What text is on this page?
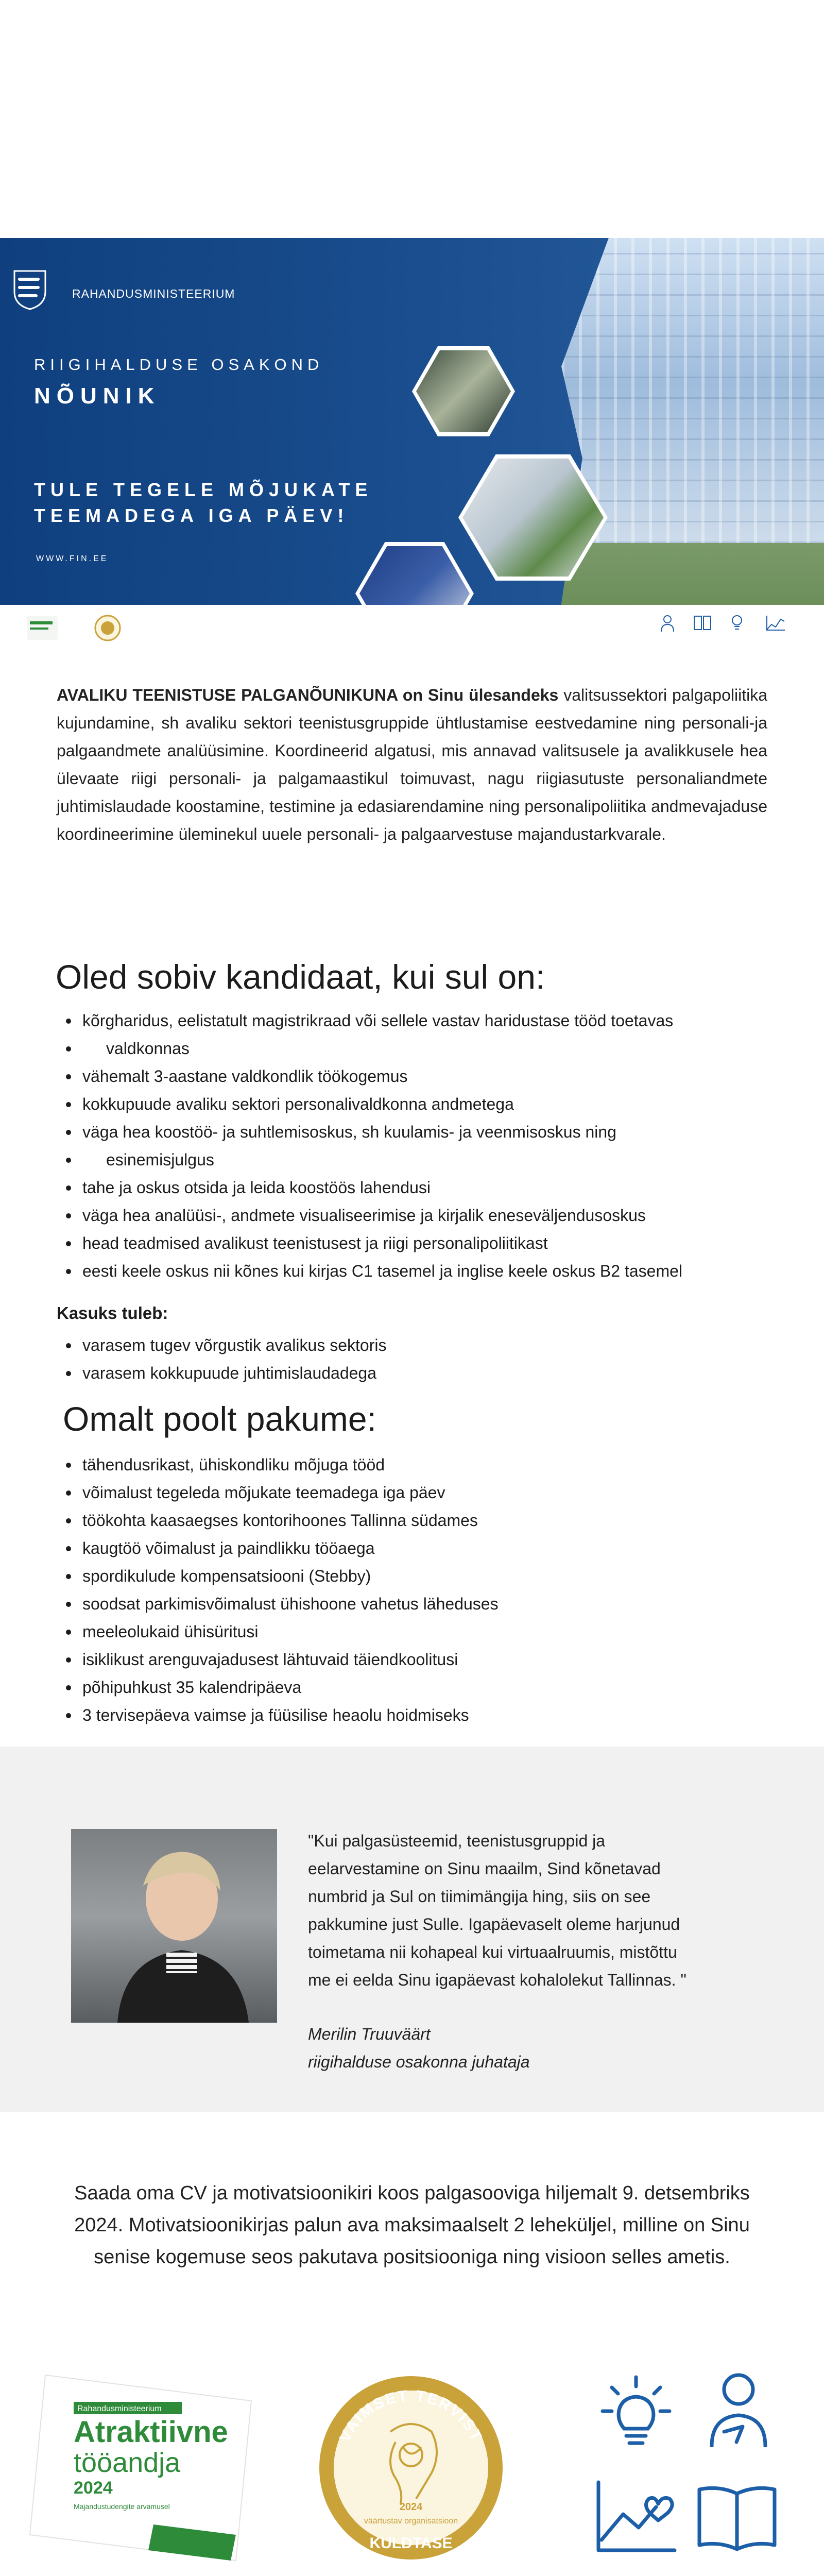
RAHANDUSMINISTEERIUM
RIIGIHALDUSE OSAKOND
NÕUNIK
TULE TEGELE MÕJUKATE
TEEMADEGA IGA PÄEV!
WWW.FIN.EE
AVALIKU TEENISTUSE PALGANÕUNIKUNA on Sinu ülesandeks valitsussektori palgapoliitika kujundamine, sh avaliku sektori teenistusgruppide ühtlustamise eestvedamine ning personali-ja palgaandmete analüüsimine. Koordineerid algatusi, mis annavad valitsusele ja avalikkusele hea ülevaate riigi personali- ja palgamaastikul toimuvast, nagu riigiasutuste personaliandmete juhtimislaudade koostamine, testimine ja edasiarendamine ning personalipoliitika andmevajaduse koordineerimine üleminekul uuele personali- ja palgaarvestuse majandustarkvarale.
Oled sobiv kandidaat, kui sul on:
kõrgharidus, eelistatult magistrikraad või sellele vastav haridustase tööd toetavas
valdkonnas
vähemalt 3-aastane valdkondlik töökogemus
kokkupuude avaliku sektori personalivaldkonna andmetega
väga hea koostöö- ja suhtlemisoskus, sh kuulamis- ja veenmisoskus ning
esinemisjulgus
tahe ja oskus otsida ja leida koostöös lahendusi
väga hea analüüsi-, andmete visualiseerimise ja kirjalik eneseväljendusoskus
head teadmised avalikust teenistusest ja riigi personalipoliitikast
eesti keele oskus nii kõnes kui kirjas C1 tasemel ja inglise keele oskus B2 tasemel
Kasuks tuleb:
varasem tugev võrgustik avalikus sektoris
varasem kokkupuude juhtimislaudadega
Omalt poolt pakume:
tähendusrikast, ühiskondliku mõjuga tööd
võimalust tegeleda mõjukate teemadega iga päev
töökohta kaasaegses kontorihoones Tallinna südames
kaugtöö võimalust ja paindlikku tööaega
spordikulude kompensatsiooni (Stebby)
soodsat parkimisvõimalust ühishoone vahetus läheduses
meeleolukaid ühisüritusi
isiklikust arenguvajadusest lähtuvaid täiendkoolitusi
põhipuhkust 35 kalendripäeva
3 tervisepäeva vaimse ja füüsilise heaolu hoidmiseks
"Kui palgasüsteemid, teenistusgruppid ja
eelarvestamine on Sinu maailm, Sind kõnetavad
numbrid ja Sul on tiimimängija hing, siis on see
pakkumine just Sulle. Igapäevaselt oleme harjunud
toimetama nii kohapeal kui virtuaalruumis, mistõttu
me ei eelda Sinu igapäevast kohalolekut Tallinnas. "
Merilin Truuväärt
riigihalduse osakonna juhataja
Saada oma CV ja motivatsioonikiri koos palgasooviga hiljemalt 9. detsembriks
2024. Motivatsioonikirjas palun ava maksimaalselt 2 leheküljel, milline on Sinu
senise kogemuse seos pakutava positsiooniga ning visioon selles ametis.
Rahandusministeerium
Atraktiivne
tööandja
2024
Majandustudengite arvamusel
VAIMSET TERVIST
2024
väärtustav organisatsioon
KULDTASE
